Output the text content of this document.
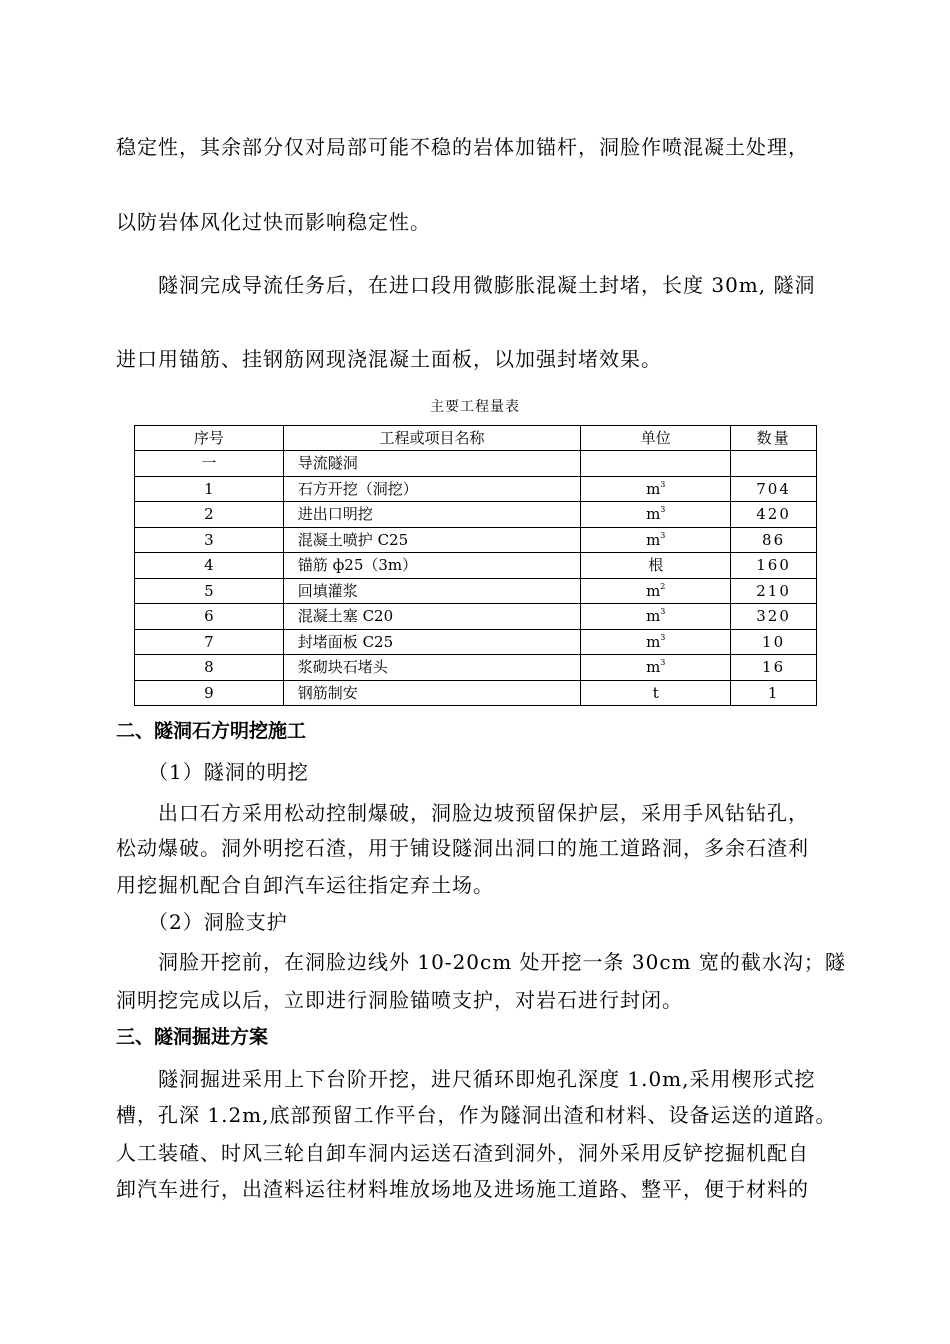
稳定性，其余部分仅对局部可能不稳的岩体加锚杆，洞脸作喷混凝土处理，
以防岩体风化过快而影响稳定性。
　　隧洞完成导流任务后，在进口段用微膨胀混凝土封堵，长度 30m, 隧洞
进口用锚筋、挂钢筋网现浇混凝土面板，以加强封堵效果。
主要工程量表
序号	工程或项目名称	单位	数量
一	导流隧洞		
1	石方开挖（洞挖）	$m^3$	704
2	进出口明挖	$m^3$	420
3	混凝土喷护 C25	$m^3$	86
4	锚筋 ф25（3m）	根	160
5	回填灌浆	$m^2$	210
6	混凝土塞 C20	$m^3$	320
7	封堵面板 C25	$m^3$	10
8	浆砌块石堵头	$m^3$	16
9	钢筋制安	t	1
二、隧洞石方明挖施工
　　（1）隧洞的明挖
　　出口石方采用松动控制爆破，洞脸边坡预留保护层，采用手风钻钻孔，
松动爆破。洞外明挖石渣，用于铺设隧洞出洞口的施工道路洞，多余石渣利
用挖掘机配合自卸汽车运往指定弃土场。
　　（2）洞脸支护
　　洞脸开挖前，在洞脸边线外 10-20cm 处开挖一条 30cm 宽的截水沟；隧
洞明挖完成以后，立即进行洞脸锚喷支护，对岩石进行封闭。
三、隧洞掘进方案
　　隧洞掘进采用上下台阶开挖，进尺循环即炮孔深度 1.0m,采用楔形式挖
槽，孔深 1.2m,底部预留工作平台，作为隧洞出渣和材料、设备运送的道路。
人工装碴、时风三轮自卸车洞内运送石渣到洞外，洞外采用反铲挖掘机配自
卸汽车进行，出渣料运往材料堆放场地及进场施工道路、整平，便于材料的
